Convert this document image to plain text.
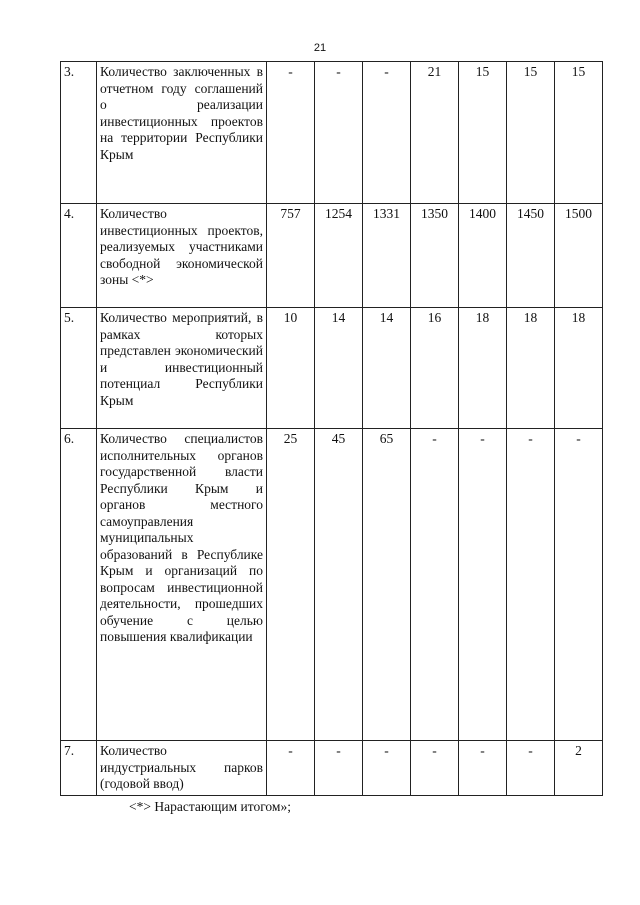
21
3.	Количество заключенных в отчетном году соглашений о реализации инвестиционных проектов на территории Республики Крым	-	-	-	21	15	15	15
4.	Количество инвестиционных проектов, реализуемых участниками свободной экономической зоны <*>	757	1254	1331	1350	1400	1450	1500
5.	Количество мероприятий, в рамках которых представлен экономический и инвестиционный потенциал Республики Крым	10	14	14	16	18	18	18
6.	Количество специалистов исполнительных органов государственной власти Республики Крым и органов местного самоуправления муниципальных образований в Республике Крым и организаций по вопросам инвестиционной деятельности, прошедших обучение с целью повышения квалификации	25	45	65	-	-	-	-
7.	Количество индустриальных парков (годовой ввод)	-	-	-	-	-	-	2
<*> Нарастающим итогом»;
